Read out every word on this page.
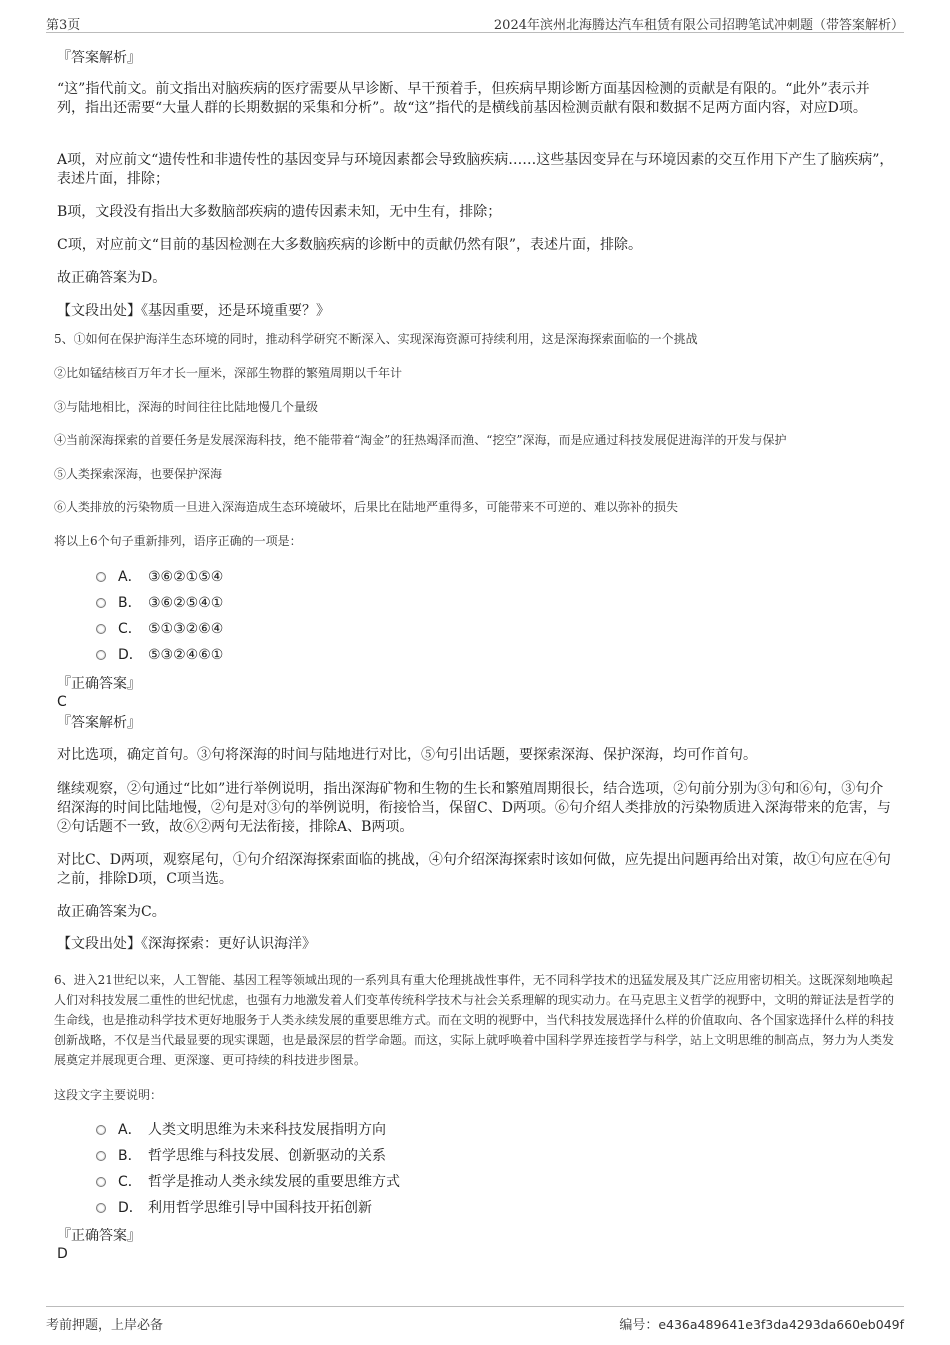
第3页	2024年滨州北海腾达汽车租赁有限公司招聘笔试冲刺题（带答案解析）

『答案解析』

“这”指代前文。前文指出对脑疾病的医疗需要从早诊断、早干预着手，但疾病早期诊断方面基因检测的贡献是有限的。“此外”表示并列，指出还需要“大量人群的长期数据的采集和分析”。故“这”指代的是横线前基因检测贡献有限和数据不足两方面内容，对应D项。

A项，对应前文“遗传性和非遗传性的基因变异与环境因素都会导致脑疾病……这些基因变异在与环境因素的交互作用下产生了脑疾病”，表述片面，排除；

B项，文段没有指出大多数脑部疾病的遗传因素未知，无中生有，排除；

C项，对应前文“目前的基因检测在大多数脑疾病的诊断中的贡献仍然有限”，表述片面，排除。

故正确答案为D。

【文段出处】《基因重要，还是环境重要？》

5、①如何在保护海洋生态环境的同时，推动科学研究不断深入、实现深海资源可持续利用，这是深海探索面临的一个挑战

②比如锰结核百万年才长一厘米，深部生物群的繁殖周期以千年计

③与陆地相比，深海的时间往往比陆地慢几个量级

④当前深海探索的首要任务是发展深海科技，绝不能带着“淘金”的狂热竭泽而渔、“挖空”深海，而是应通过科技发展促进海洋的开发与保护

⑤人类探索深海，也要保护深海

⑥人类排放的污染物质一旦进入深海造成生态环境破坏，后果比在陆地严重得多，可能带来不可逆的、难以弥补的损失

将以上6个句子重新排列，语序正确的一项是：

A． ③⑥②①⑤④
B． ③⑥②⑤④①
C． ⑤①③②⑥④
D． ⑤③②④⑥①

『正确答案』

C

『答案解析』

对比选项，确定首句。③句将深海的时间与陆地进行对比，⑤句引出话题，要探索深海、保护深海，均可作首句。

继续观察，②句通过“比如”进行举例说明，指出深海矿物和生物的生长和繁殖周期很长，结合选项，②句前分别为③句和⑥句，③句介绍深海的时间比陆地慢，②句是对③句的举例说明，衔接恰当，保留C、D两项。⑥句介绍人类排放的污染物质进入深海带来的危害，与②句话题不一致，故⑥②两句无法衔接，排除A、B两项。

对比C、D两项，观察尾句，①句介绍深海探索面临的挑战，④句介绍深海探索时该如何做，应先提出问题再给出对策，故①句应在④句之前，排除D项，C项当选。

故正确答案为C。

【文段出处】《深海探索：更好认识海洋》

6、进入21世纪以来，人工智能、基因工程等领域出现的一系列具有重大伦理挑战性事件，无不同科学技术的迅猛发展及其广泛应用密切相关。这既深刻地唤起人们对科技发展二重性的世纪忧虑，也强有力地激发着人们变革传统科学技术与社会关系理解的现实动力。在马克思主义哲学的视野中，文明的辩证法是哲学的生命线，也是推动科学技术更好地服务于人类永续发展的重要思维方式。而在文明的视野中，当代科技发展选择什么样的价值取向、各个国家选择什么样的科技创新战略，不仅是当代最显要的现实课题，也是最深层的哲学命题。而这，实际上就呼唤着中国科学界连接哲学与科学，站上文明思维的制高点，努力为人类发展奠定并展现更合理、更深邃、更可持续的科技进步图景。

这段文字主要说明：

A． 人类文明思维为未来科技发展指明方向
B． 哲学思维与科技发展、创新驱动的关系
C． 哲学是推动人类永续发展的重要思维方式
D． 利用哲学思维引导中国科技开拓创新

『正确答案』

D

考前押题，上岸必备	编号：e436a489641e3f3da4293da660eb049f
